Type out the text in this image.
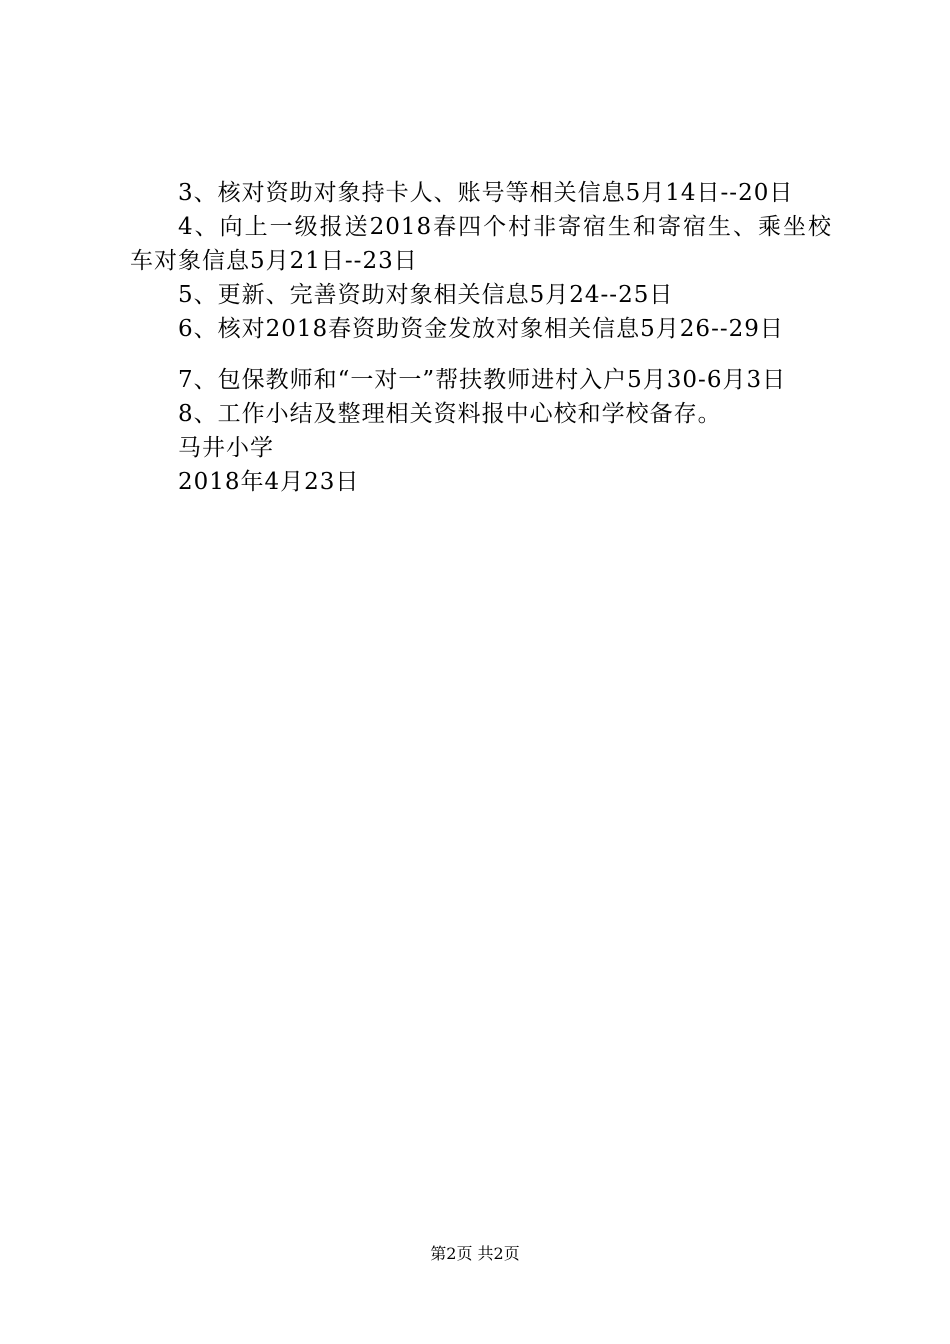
3、核对资助对象持卡人、账号等相关信息5月14日--20日

4、向上一级报送2018春四个村非寄宿生和寄宿生、乘坐校车对象信息5月21日--23日

5、更新、完善资助对象相关信息5月24--25日

6、核对2018春资助资金发放对象相关信息5月26--29日

7、包保教师和“一对一”帮扶教师进村入户5月30-6月3日

8、工作小结及整理相关资料报中心校和学校备存。

马井小学

2018年4月23日

第2页 共2页
